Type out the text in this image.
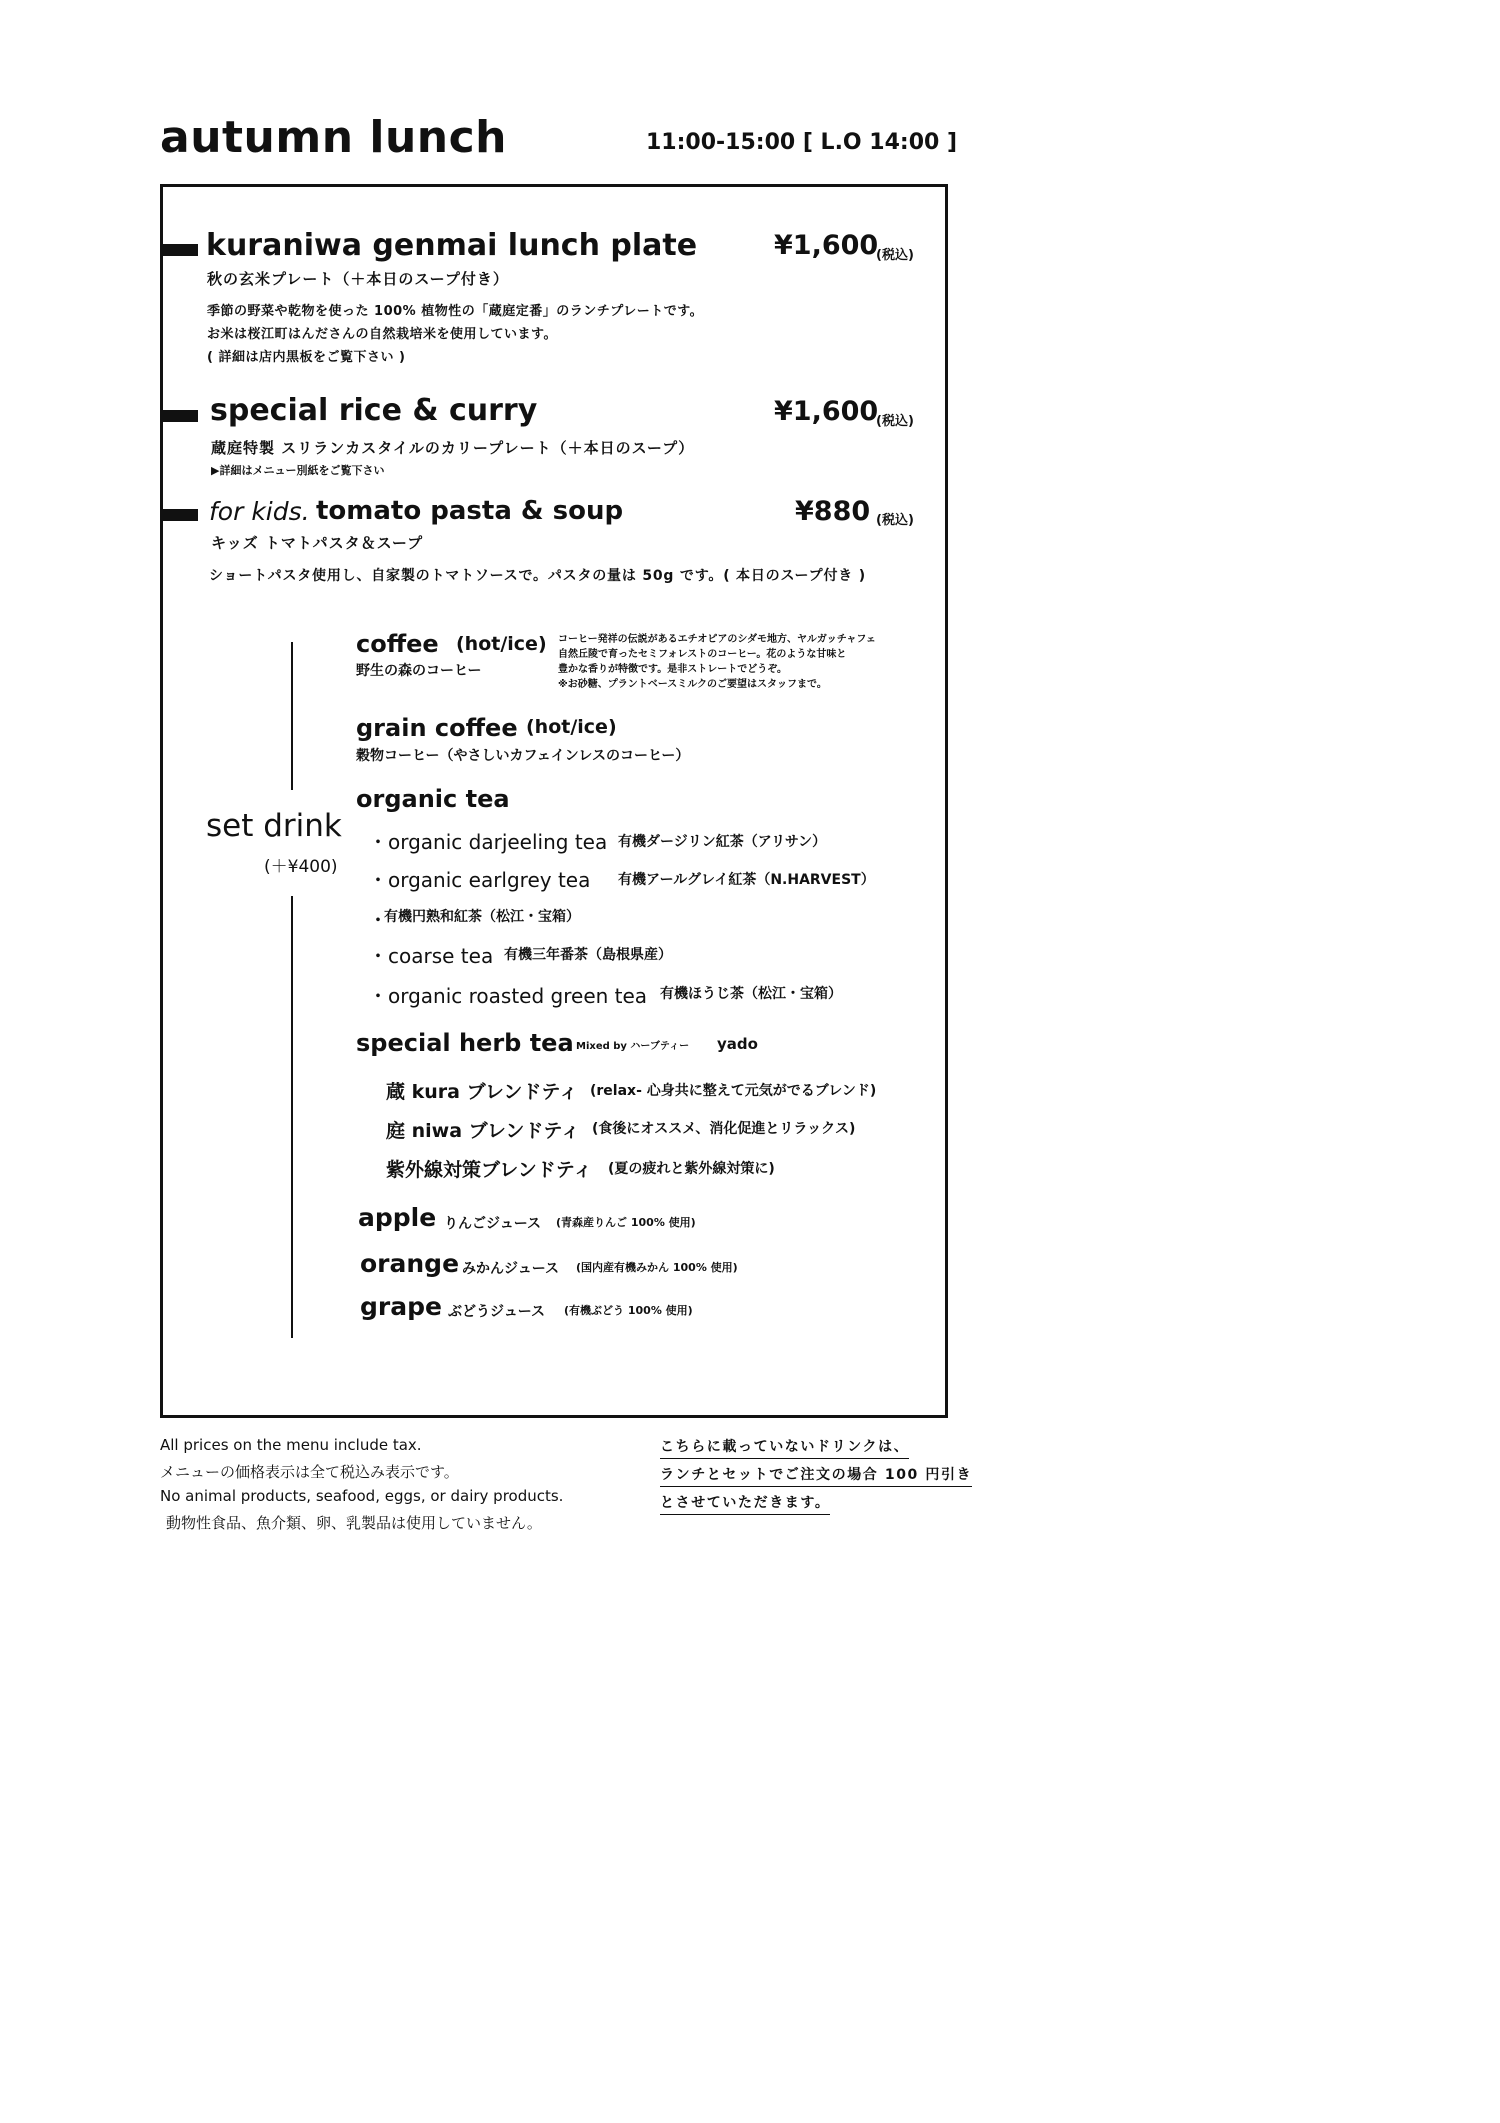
autumn lunch	11:00-15:00 [ L.O 14:00 ]
kuraniwa genmai lunch plate	¥1,600
(税込)
秋の玄米プレート（＋本日のスープ付き）
季節の野菜や乾物を使った 100% 植物性の「蔵庭定番」のランチプレートです。
お米は桜江町はんださんの自然栽培米を使用しています。
( 詳細は店内黒板をご覧下さい )
special rice & curry	¥1,600
(税込)
蔵庭特製 スリランカスタイルのカリープレート（＋本日のスープ）
▶詳細はメニュー別紙をご覧下さい
for kids. tomato pasta & soup	¥880 (税込)
キッズ トマトパスタ＆スープ
ショートパスタ使用し、自家製のトマトソースで。パスタの量は 50g です。( 本日のスープ付き )
set drink
(＋¥400)
coffee (hot/ice)
野生の森のコーヒー
コーヒー発祥の伝説があるエチオピアのシダモ地方、ヤルガッチャフェ
自然丘陵で育ったセミフォレストのコーヒー。花のような甘味と
豊かな香りが特徴です。是非ストレートでどうぞ。
※お砂糖、プラントベースミルクのご要望はスタッフまで。
grain coffee (hot/ice)
穀物コーヒー（やさしいカフェインレスのコーヒー）
organic tea
・organic darjeeling tea 有機ダージリン紅茶（アリサン）
・organic earlgrey tea 有機アールグレイ紅茶（N.HARVEST）
・
有機円熟和紅茶（松江・宝箱）
・coarse tea 有機三年番茶（島根県産）
・organic roasted green tea 有機ほうじ茶（松江・宝箱）
special herb tea Mixed by ハーブティー yado
蔵 kura ブレンドティ (relax- 心身共に整えて元気がでるブレンド)
庭 niwa ブレンドティ (食後にオススメ、消化促進とリラックス)
紫外線対策ブレンドティ (夏の疲れと紫外線対策に)
apple りんごジュース (青森産りんご 100% 使用)
orange みかんジュース (国内産有機みかん 100% 使用)
grape ぶどうジュース (有機ぶどう 100% 使用)
All prices on the menu include tax.
メニューの価格表示は全て税込み表示です。
No animal products, seafood, eggs, or dairy products.
動物性食品、魚介類、卵、乳製品は使用していません。
こちらに載っていないドリンクは、
ランチとセットでご注文の場合 100 円引き
とさせていただきます。
